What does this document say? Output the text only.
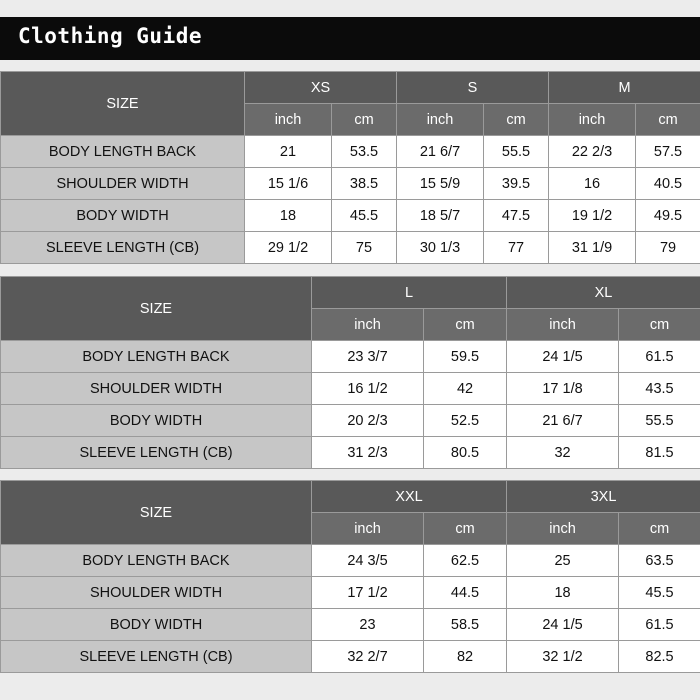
Clothing Guide
SIZE	XS		S		M	
	inch	cm	inch	cm	inch	cm
BODY LENGTH BACK	21	53.5	21 6/7	55.5	22 2/3	57.5
SHOULDER WIDTH	15 1/6	38.5	15 5/9	39.5	16	40.5
BODY WIDTH	18	45.5	18 5/7	47.5	19 1/2	49.5
SLEEVE LENGTH (CB)	29 1/2	75	30 1/3	77	31 1/9	79
SIZE	L		XL	
	inch	cm	inch	cm
BODY LENGTH BACK	23 3/7	59.5	24 1/5	61.5
SHOULDER WIDTH	16 1/2	42	17 1/8	43.5
BODY WIDTH	20 2/3	52.5	21 6/7	55.5
SLEEVE LENGTH (CB)	31 2/3	80.5	32	81.5
SIZE	XXL		3XL	
	inch	cm	inch	cm
BODY LENGTH BACK	24 3/5	62.5	25	63.5
SHOULDER WIDTH	17 1/2	44.5	18	45.5
BODY WIDTH	23	58.5	24 1/5	61.5
SLEEVE LENGTH (CB)	32 2/7	82	32 1/2	82.5
